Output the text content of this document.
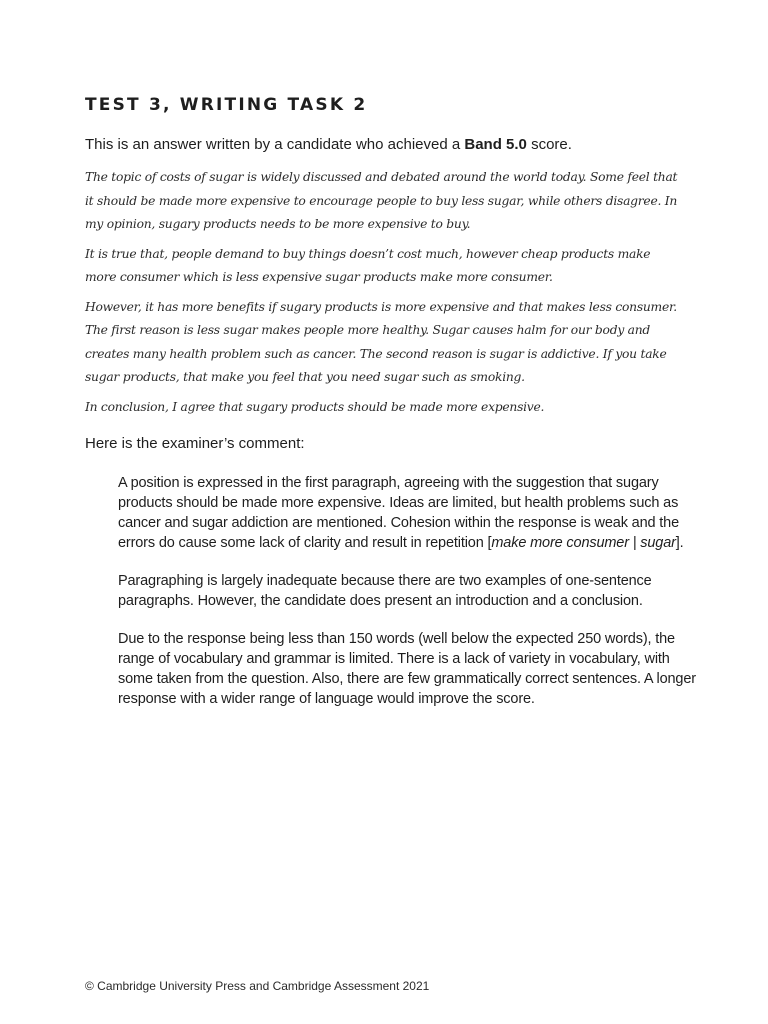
TEST 3, WRITING TASK 2

This is an answer written by a candidate who achieved a Band 5.0 score.

The topic of costs of sugar is widely discussed and debated around the world today. Some feel that it should be made more expensive to encourage people to buy less sugar, while others disagree. In my opinion, sugary products needs to be more expensive to buy.

It is true that, people demand to buy things doesn’t cost much, however cheap products make more consumer which is less expensive sugar products make more consumer.

However, it has more benefits if sugary products is more expensive and that makes less consumer. The first reason is less sugar makes people more healthy. Sugar causes halm for our body and creates many health problem such as cancer. The second reason is sugar is addictive. If you take sugar products, that make you feel that you need sugar such as smoking.

In conclusion, I agree that sugary products should be made more expensive.

Here is the examiner’s comment:

A position is expressed in the first paragraph, agreeing with the suggestion that sugary products should be made more expensive. Ideas are limited, but health problems such as cancer and sugar addiction are mentioned. Cohesion within the response is weak and the errors do cause some lack of clarity and result in repetition [make more consumer | sugar].

Paragraphing is largely inadequate because there are two examples of one-sentence paragraphs. However, the candidate does present an introduction and a conclusion.

Due to the response being less than 150 words (well below the expected 250 words), the range of vocabulary and grammar is limited. There is a lack of variety in vocabulary, with some taken from the question. Also, there are few grammatically correct sentences. A longer response with a wider range of language would improve the score.

© Cambridge University Press and Cambridge Assessment 2021
